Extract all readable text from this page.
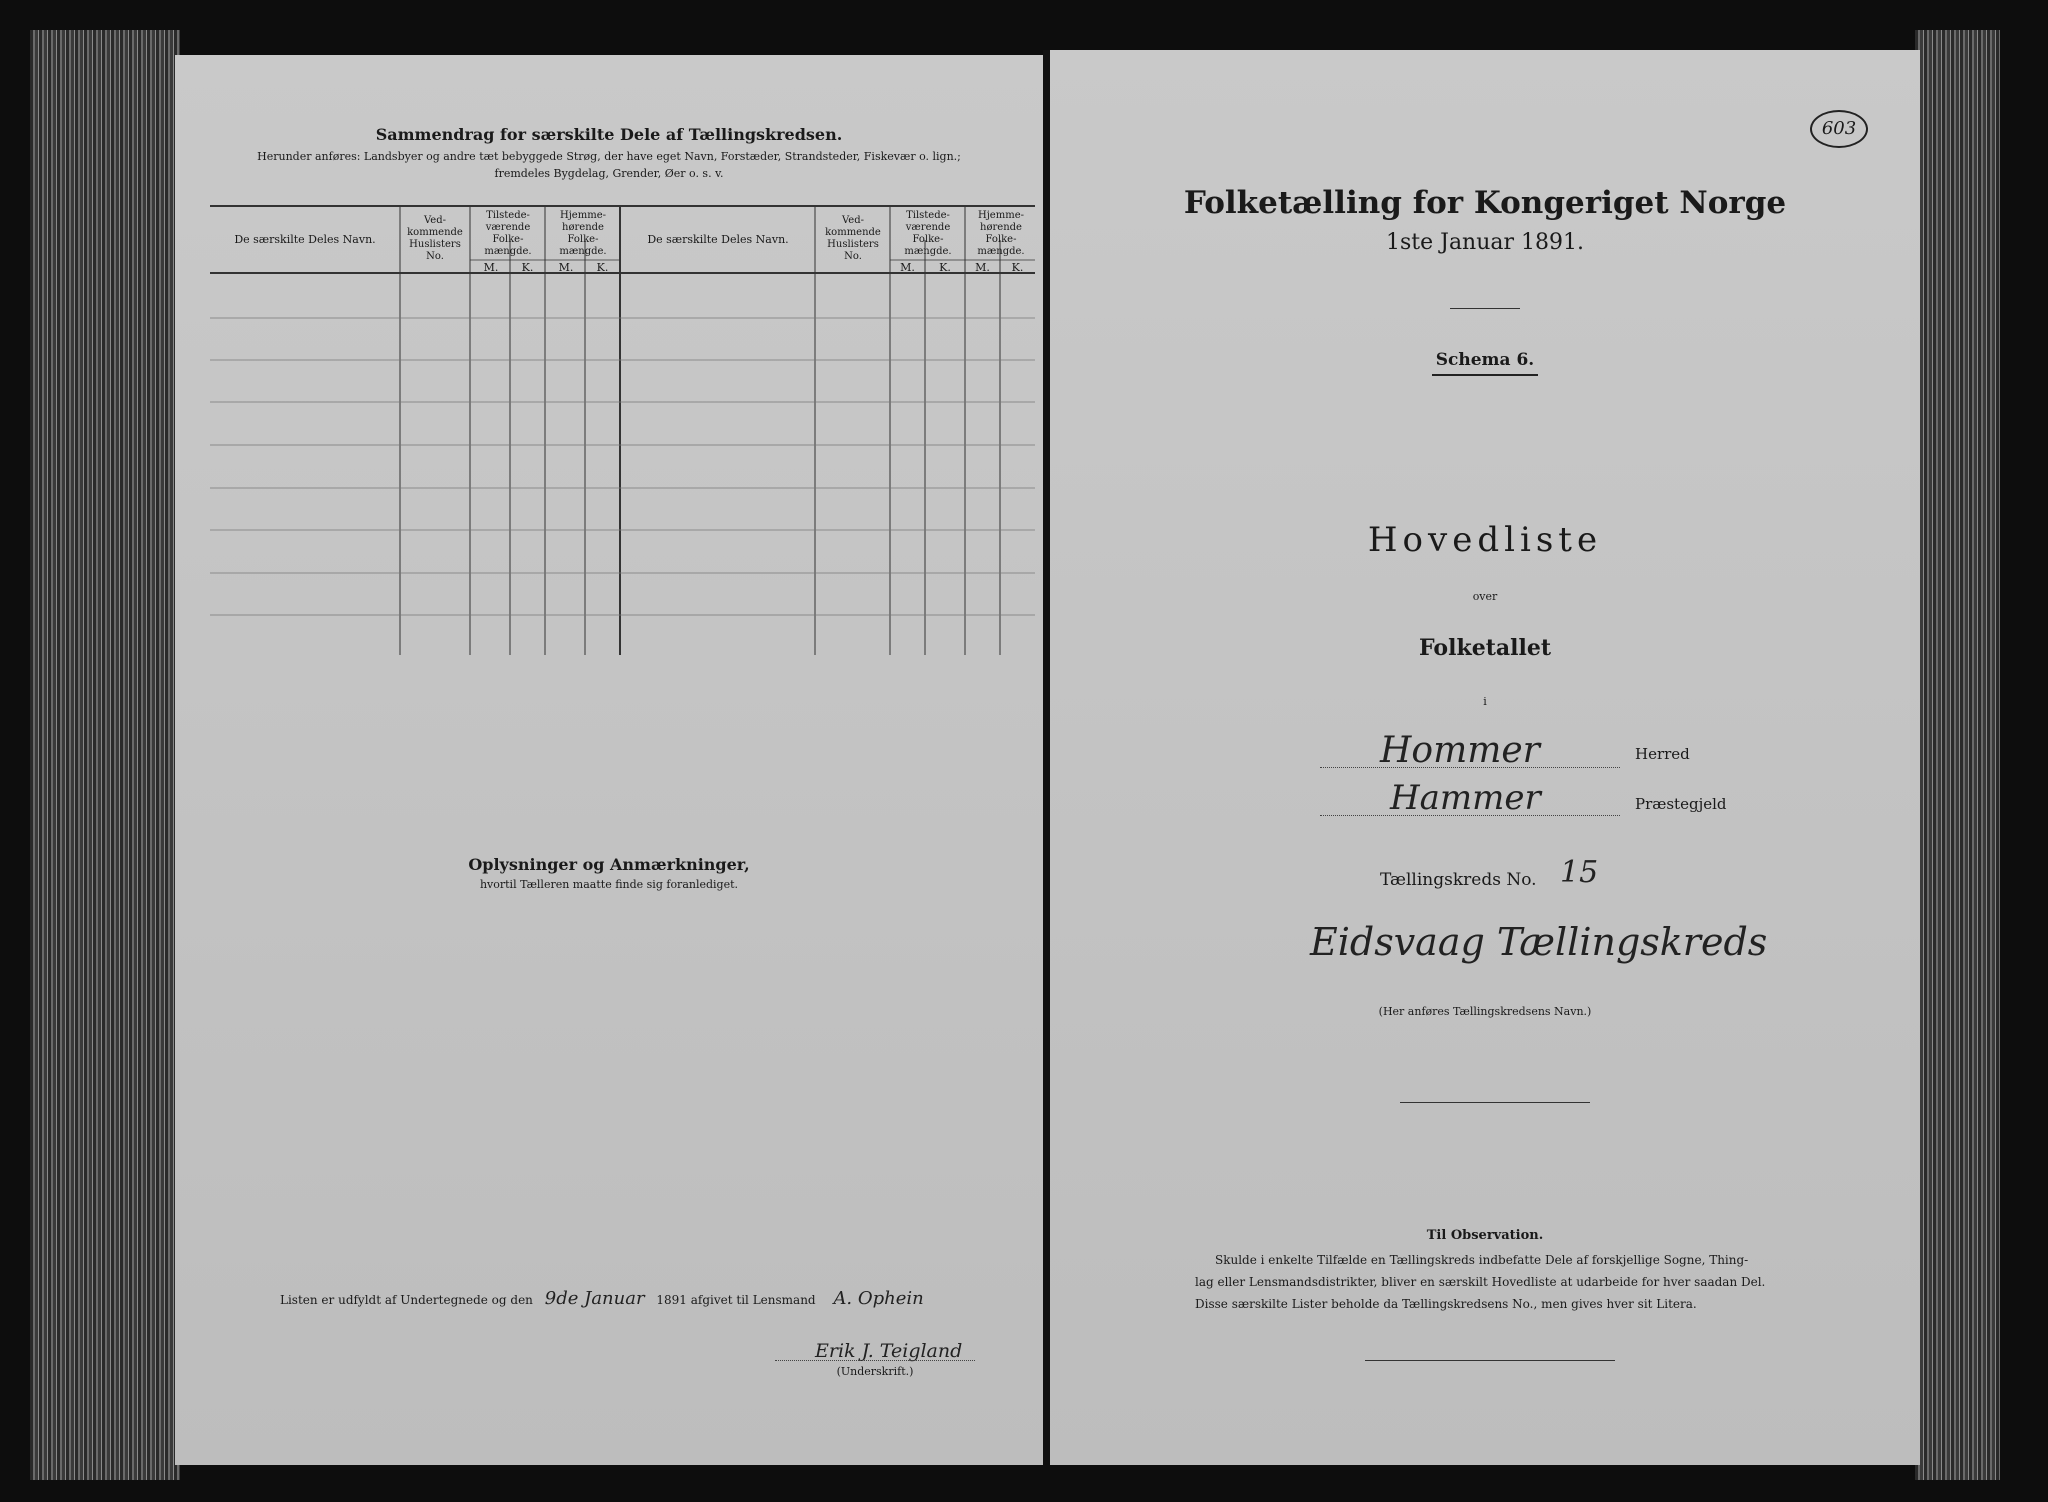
Sammendrag for særskilte Dele af Tællingskredsen.
Herunder anføres: Landsbyer og andre tæt bebyggede Strøg, der have eget Navn, Forstæder, Strandsteder, Fiskevær o. lign.;
fremdeles Bygdelag, Grender, Øer o. s. v.
De særskilte Deles Navn.
Ved-kommende Huslisters No.
Tilstede-værende Folke-mængde.
Hjemme-hørende Folke-mængde.
M.	K.	M.	K.
De særskilte Deles Navn.
Ved-kommende Huslisters No.
Tilstede-værende Folke-mængde.
Hjemme-hørende Folke-mængde.
M.	K.	M.	K.
Oplysninger og Anmærkninger,
hvortil Tælleren maatte finde sig foranlediget.
Listen er udfyldt af Undertegnede og den 9de Januar 1891 afgivet til Lensmand A. Ophein
Erik J. Teigland
(Underskrift.)
603
Folketælling for Kongeriget Norge
1ste Januar 1891.
Schema 6.
Hovedliste
over
Folketallet
i
Hommer	Herred
Hammer	Præstegjeld
Tællingskreds No. 15
Eidsvaag Tællingskreds
(Her anføres Tællingskredsens Navn.)
Til Observation.
Skulde i enkelte Tilfælde en Tællingskreds indbefatte Dele af forskjellige Sogne, Thing-
lag eller Lensmandsdistrikter, bliver en særskilt Hovedliste at udarbeide for hver saadan Del.
Disse særskilte Lister beholde da Tællingskredsens No., men gives hver sit Litera.
